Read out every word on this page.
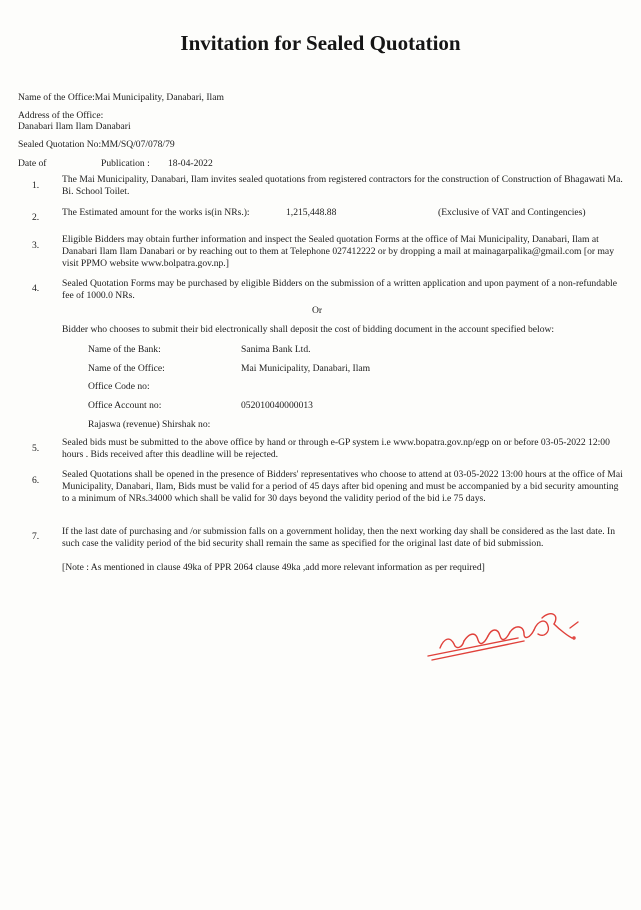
Invitation for Sealed Quotation
Name of the Office:Mai Municipality, Danabari, Ilam
Address of the Office:
Danabari Ilam Ilam Danabari
Sealed Quotation No:MM/SQ/07/078/79
Date of	Publication : 18-04-2022
1.
The Mai Municipality, Danabari, Ilam invites sealed quotations from registered contractors for the construction of Construction of Bhagawati Ma. Bi. School Toilet.
2. The Estimated amount for the works is(in NRs.):	1,215,448.88	(Exclusive of VAT and Contingencies)
3.
Eligible Bidders may obtain further information and inspect the Sealed quotation Forms at the office of Mai Municipality, Danabari, Ilam at Danabari Ilam Ilam Danabari or by reaching out to them at Telephone 027412222 or by dropping a mail at mainagarpalika@gmail.com [or may visit PPMO website www.bolpatra.gov.np.]
4. Sealed Quotation Forms may be purchased by eligible Bidders on the submission of a written application and upon payment of a non-refundable fee of 1000.0 NRs.
Or
Bidder who chooses to submit their bid electronically shall deposit the cost of bidding document in the account specified below:
Name of the Bank:	Sanima Bank Ltd.
Name of the Office:	Mai Municipality, Danabari, Ilam
Office Code no:
Office Account no:	052010040000013
Rajaswa (revenue) Shirshak no:
5.
Sealed bids must be submitted to the above office by hand or through e-GP system i.e www.bopatra.gov.np/egp on or before 03-05-2022 12:00 hours . Bids received after this deadline will be rejected.
6.
Sealed Quotations shall be opened in the presence of Bidders' representatives who choose to attend at 03-05-2022 13:00 hours at the office of Mai Municipality, Danabari, Ilam, Bids must be valid for a period of 45 days after bid opening and must be accompanied by a bid security amounting to a minimum of NRs.34000 which shall be valid for 30 days beyond the validity period of the bid i.e 75 days.
7. If the last date of purchasing and /or submission falls on a government holiday, then the next working day shall be considered as the last date. In such case the validity period of the bid security shall remain the same as specified for the original last date of bid submission.
[Note : As mentioned in clause 49ka of PPR 2064 clause 49ka ,add more relevant information as per required]
